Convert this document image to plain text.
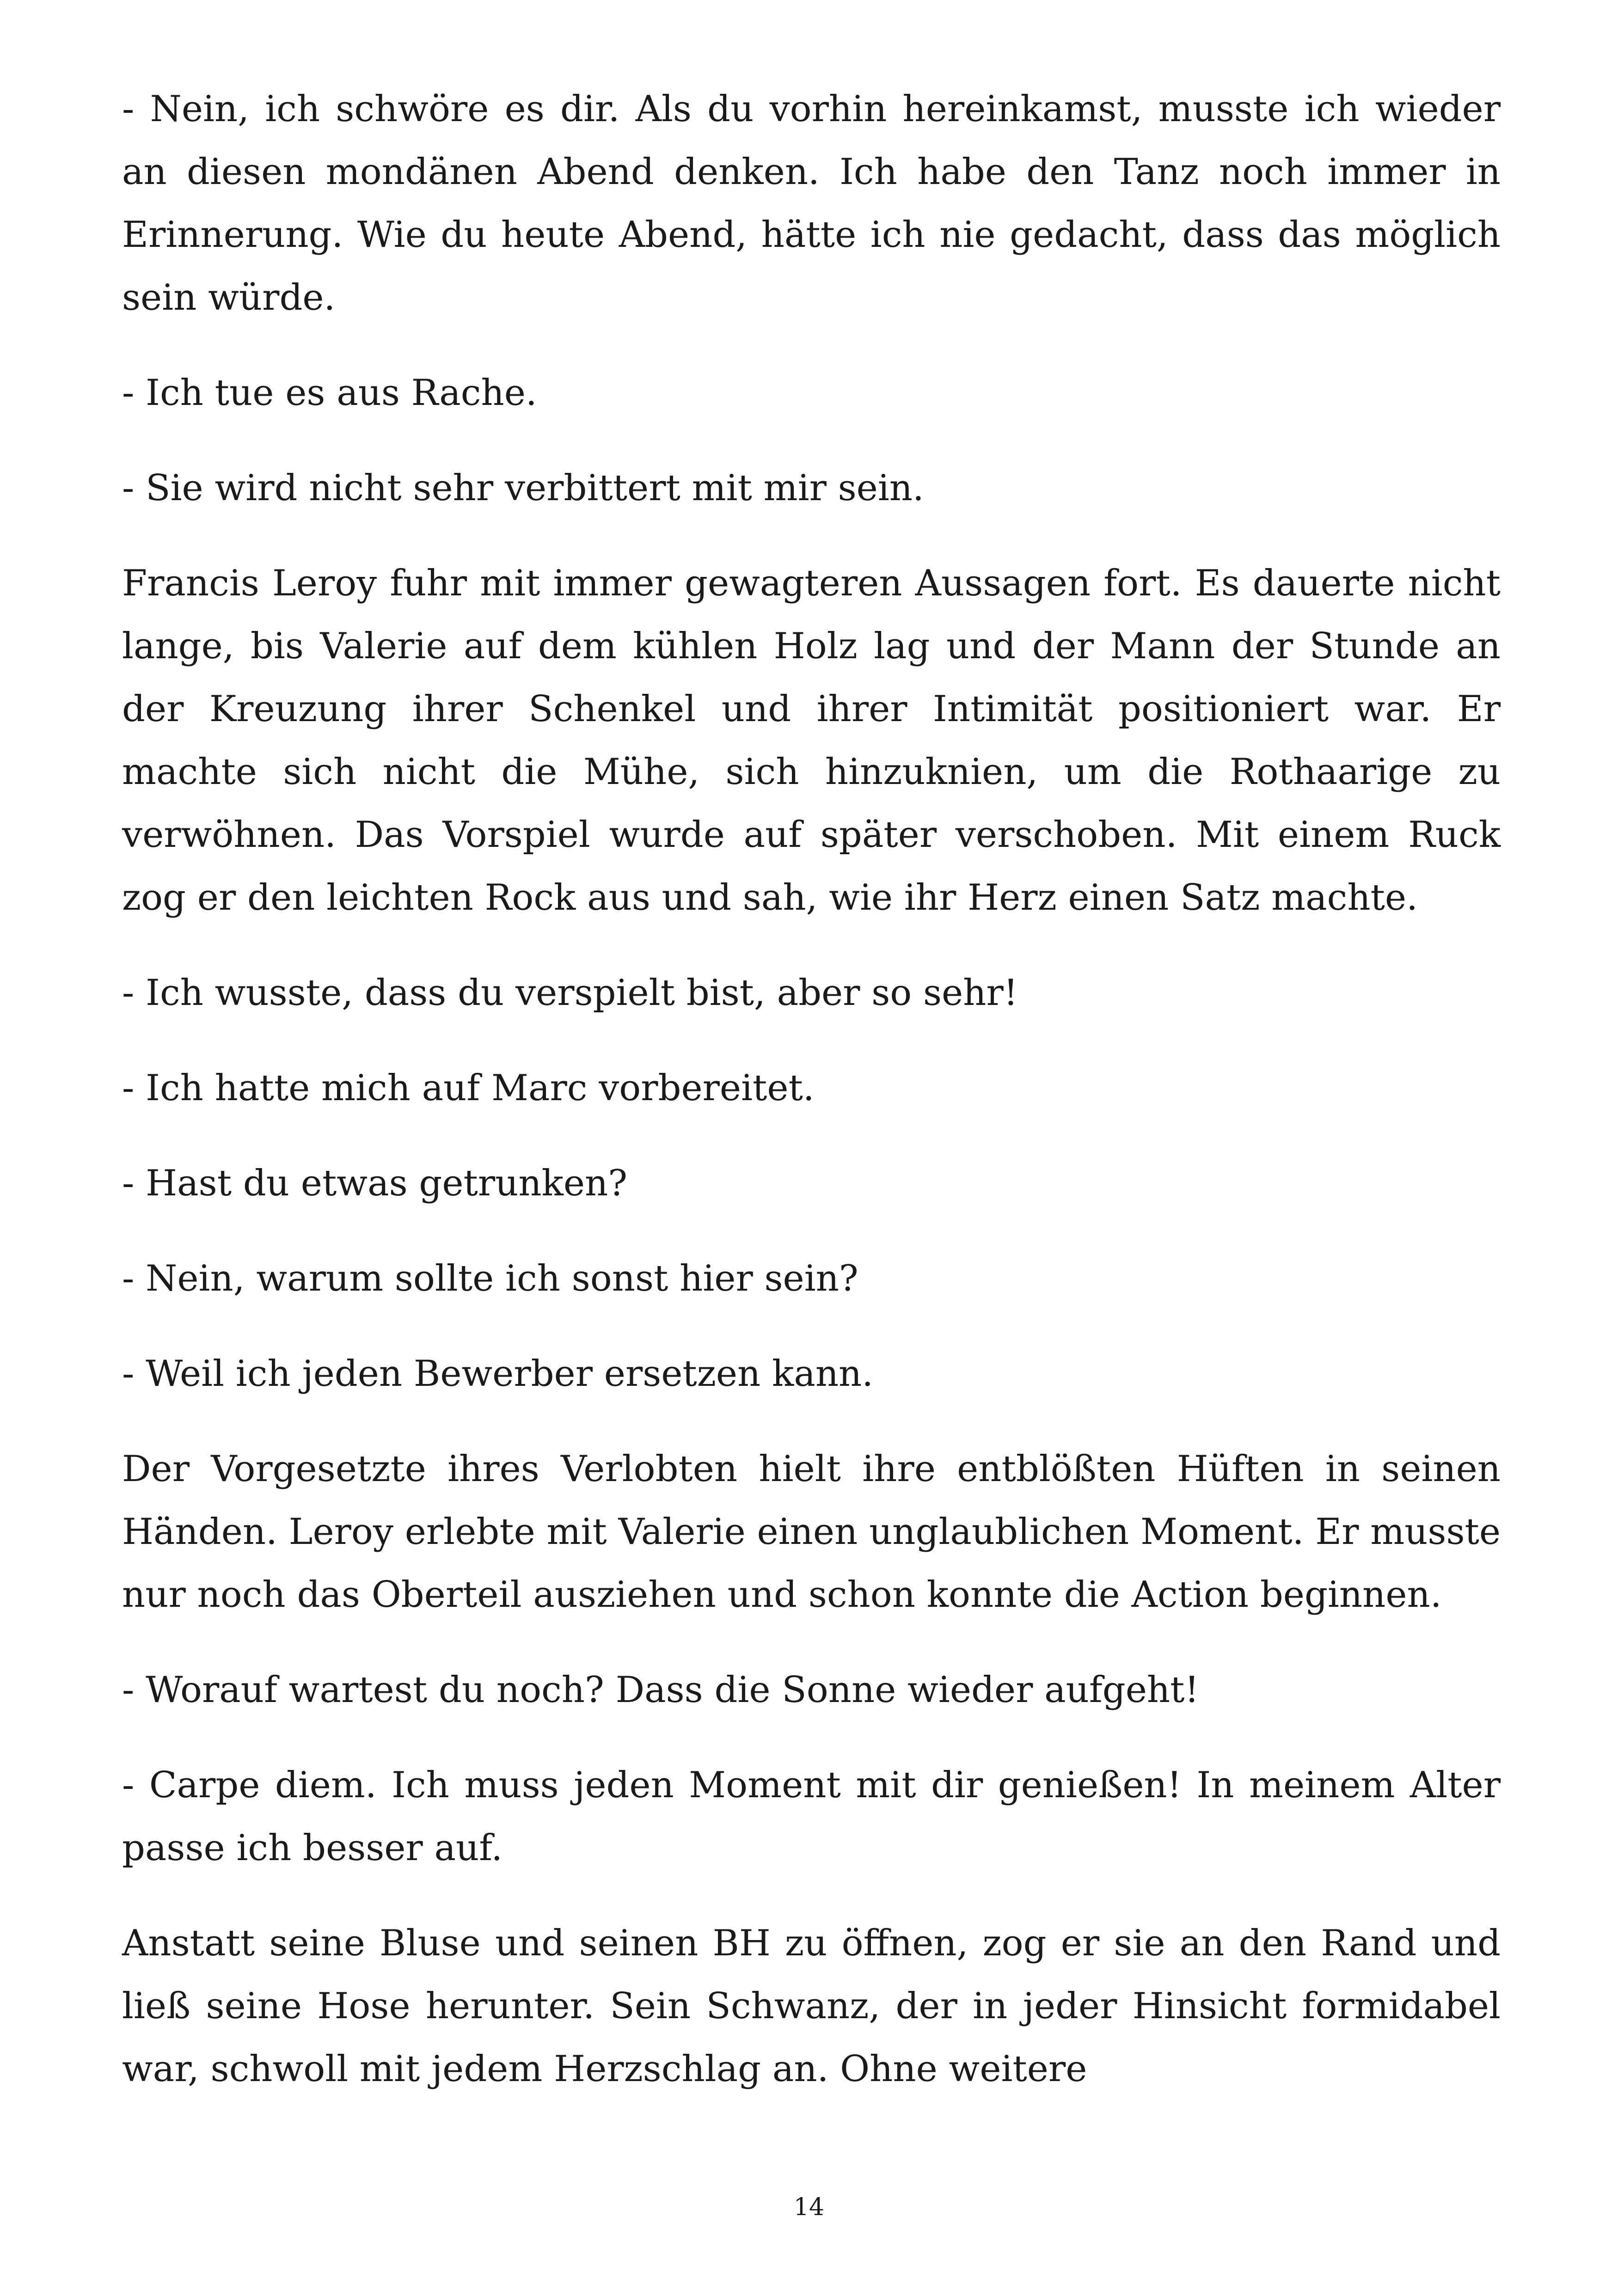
- Nein, ich schwöre es dir. Als du vorhin hereinkamst, musste ich wieder an diesen mondänen Abend denken. Ich habe den Tanz noch immer in Erinnerung. Wie du heute Abend, hätte ich nie gedacht, dass das möglich sein würde.

- Ich tue es aus Rache.

- Sie wird nicht sehr verbittert mit mir sein.

Francis Leroy fuhr mit immer gewagteren Aussagen fort. Es dauerte nicht lange, bis Valerie auf dem kühlen Holz lag und der Mann der Stunde an der Kreuzung ihrer Schenkel und ihrer Intimität positioniert war. Er machte sich nicht die Mühe, sich hinzuknien, um die Rothaarige zu verwöhnen. Das Vorspiel wurde auf später verschoben. Mit einem Ruck zog er den leichten Rock aus und sah, wie ihr Herz einen Satz machte.

- Ich wusste, dass du verspielt bist, aber so sehr!

- Ich hatte mich auf Marc vorbereitet.

- Hast du etwas getrunken?

- Nein, warum sollte ich sonst hier sein?

- Weil ich jeden Bewerber ersetzen kann.

Der Vorgesetzte ihres Verlobten hielt ihre entblößten Hüften in seinen Händen. Leroy erlebte mit Valerie einen unglaublichen Moment. Er musste nur noch das Oberteil ausziehen und schon konnte die Action beginnen.

- Worauf wartest du noch? Dass die Sonne wieder aufgeht!

- Carpe diem. Ich muss jeden Moment mit dir genießen! In meinem Alter passe ich besser auf.

Anstatt seine Bluse und seinen BH zu öffnen, zog er sie an den Rand und ließ seine Hose herunter. Sein Schwanz, der in jeder Hinsicht formidabel war, schwoll mit jedem Herzschlag an. Ohne weitere

14
